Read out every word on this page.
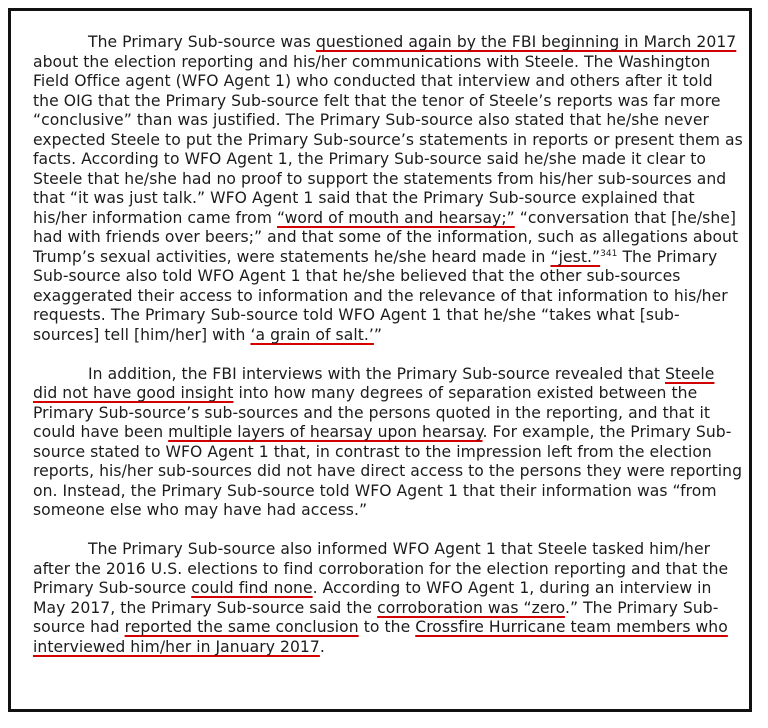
The Primary Sub-source was questioned again by the FBI beginning in March 2017 about the election reporting and his/her communications with Steele. The Washington Field Office agent (WFO Agent 1) who conducted that interview and others after it told the OIG that the Primary Sub-source felt that the tenor of Steele’s reports was far more “conclusive” than was justified. The Primary Sub-source also stated that he/she never expected Steele to put the Primary Sub-source’s statements in reports or present them as facts. According to WFO Agent 1, the Primary Sub-source said he/she made it clear to Steele that he/she had no proof to support the statements from his/her sub-sources and that “it was just talk.” WFO Agent 1 said that the Primary Sub-source explained that his/her information came from “word of mouth and hearsay;” “conversation that [he/she] had with friends over beers;” and that some of the information, such as allegations about Trump’s sexual activities, were statements he/she heard made in “jest.”$^{341}$ The Primary Sub-source also told WFO Agent 1 that he/she believed that the other sub-sources exaggerated their access to information and the relevance of that information to his/her requests. The Primary Sub-source told WFO Agent 1 that he/she “takes what [sub-sources] tell [him/her] with ‘a grain of salt.’”

In addition, the FBI interviews with the Primary Sub-source revealed that Steele did not have good insight into how many degrees of separation existed between the Primary Sub-source’s sub-sources and the persons quoted in the reporting, and that it could have been multiple layers of hearsay upon hearsay. For example, the Primary Sub-source stated to WFO Agent 1 that, in contrast to the impression left from the election reports, his/her sub-sources did not have direct access to the persons they were reporting on. Instead, the Primary Sub-source told WFO Agent 1 that their information was “from someone else who may have had access.”

The Primary Sub-source also informed WFO Agent 1 that Steele tasked him/her after the 2016 U.S. elections to find corroboration for the election reporting and that the Primary Sub-source could find none. According to WFO Agent 1, during an interview in May 2017, the Primary Sub-source said the corroboration was “zero.” The Primary Sub-source had reported the same conclusion to the Crossfire Hurricane team members who interviewed him/her in January 2017.
